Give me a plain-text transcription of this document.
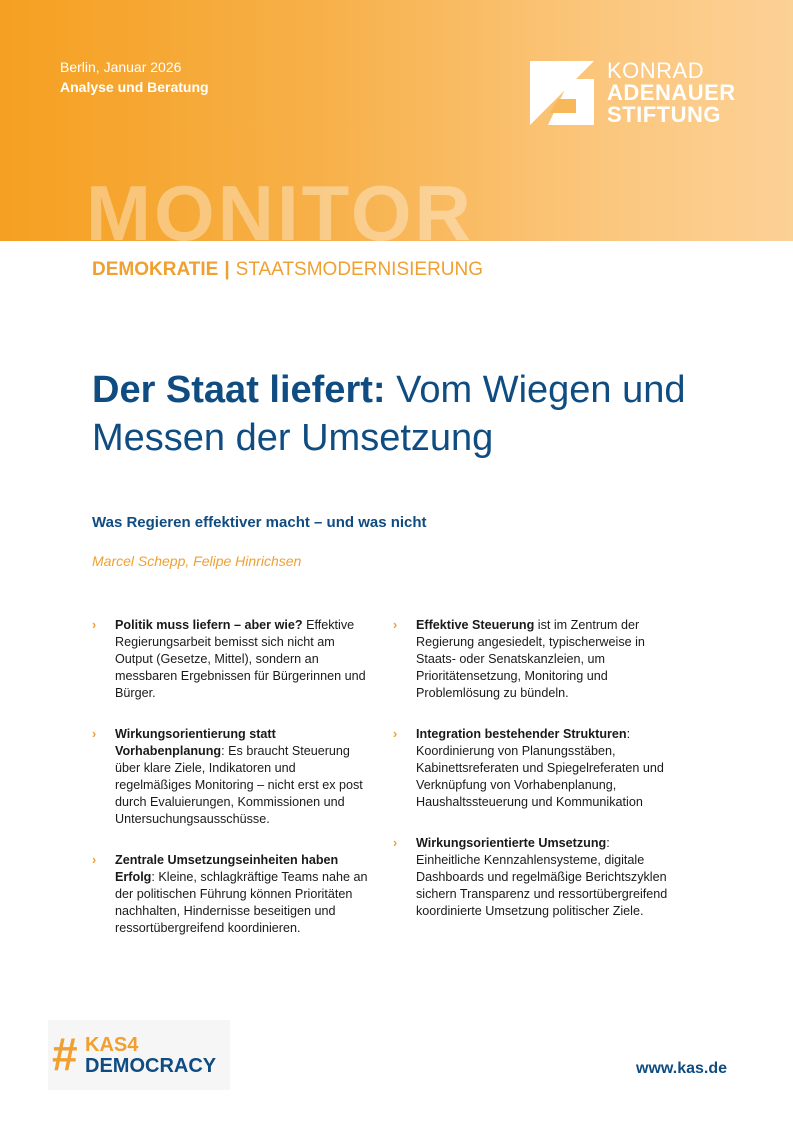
Berlin, Januar 2026
Analyse und Beratung
KONRAD
ADENAUER
STIFTUNG
MONITOR
DEMOKRATIE | STAATSMODERNISIERUNG
Der Staat liefert: Vom Wiegen und Messen der Umsetzung
Was Regieren effektiver macht – und was nicht
Marcel Schepp, Felipe Hinrichsen
› Politik muss liefern – aber wie? Effektive Regierungsarbeit bemisst sich nicht am Output (Gesetze, Mittel), sondern an messbaren Ergebnissen für Bürgerinnen und Bürger.
› Wirkungsorientierung statt Vorhabenplanung: Es braucht Steuerung über klare Ziele, Indikatoren und regelmäßiges Monitoring – nicht erst ex post durch Evaluierungen, Kommissionen und Untersuchungsausschüsse.
› Zentrale Umsetzungseinheiten haben Erfolg: Kleine, schlagkräftige Teams nahe an der politischen Führung können Prioritäten nachhalten, Hindernisse beseitigen und ressortübergreifend koordinieren.
› Effektive Steuerung ist im Zentrum der Regierung angesiedelt, typischerweise in Staats- oder Senatskanzleien, um Prioritätensetzung, Monitoring und Problemlösung zu bündeln.
› Integration bestehender Strukturen: Koordinierung von Planungsstäben, Kabinettsreferaten und Spiegelreferaten und Verknüpfung von Vorhabenplanung, Haushaltssteuerung und Kommunikation
› Wirkungsorientierte Umsetzung: Einheitliche Kennzahlensysteme, digitale Dashboards und regelmäßige Berichtszyklen sichern Transparenz und ressortübergreifend koordinierte Umsetzung politischer Ziele.
# KAS4
DEMOCRACY	www.kas.de
